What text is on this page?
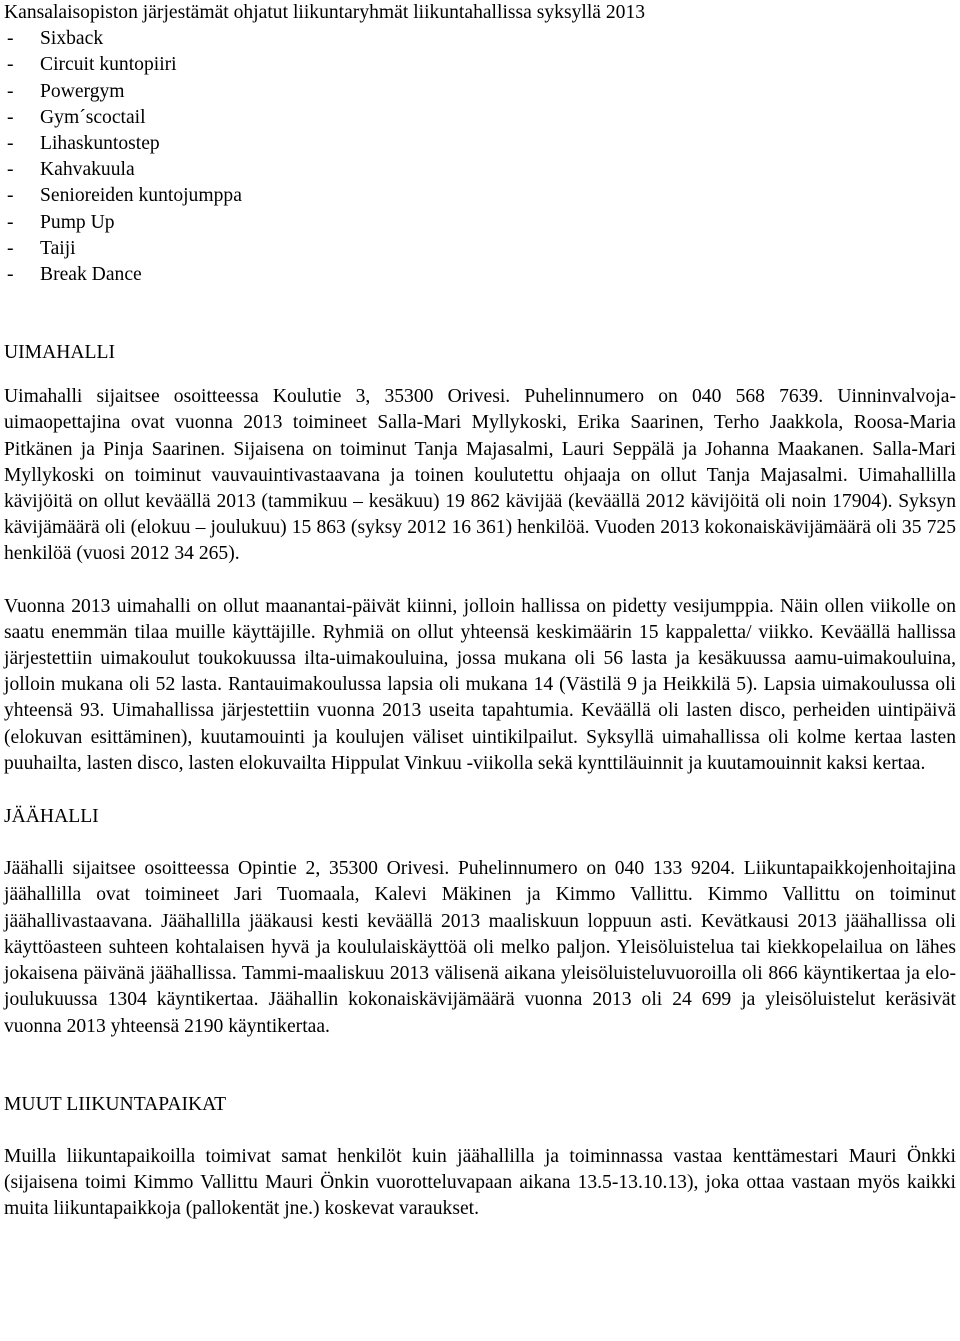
Kansalaisopiston järjestämät ohjatut liikuntaryhmät liikuntahallissa syksyllä 2013
- Sixback
- Circuit kuntopiiri
- Powergym
- Gym´scoctail
- Lihaskuntostep
- Kahvakuula
- Senioreiden kuntojumppa
- Pump Up
- Taiji
- Break Dance
UIMAHALLI

Uimahalli sijaitsee osoitteessa Koulutie 3, 35300 Orivesi. Puhelinnumero on 040 568 7639. Uinninvalvoja-uimaopettajina ovat vuonna 2013 toimineet Salla-Mari Myllykoski, Erika Saarinen, Terho Jaakkola, Roosa-Maria Pitkänen ja Pinja Saarinen. Sijaisena on toiminut Tanja Majasalmi, Lauri Seppälä ja Johanna Maakanen. Salla-Mari Myllykoski on toiminut vauvauintivastaavana ja toinen koulutettu ohjaaja on ollut Tanja Majasalmi. Uimahallilla kävijöitä on ollut keväällä 2013 (tammikuu – kesäkuu) 19 862 kävijää (keväällä 2012 kävijöitä oli noin 17904). Syksyn kävijämäärä oli (elokuu – joulukuu) 15 863 (syksy 2012 16 361) henkilöä. Vuoden 2013 kokonaiskävijämäärä oli 35 725 henkilöä (vuosi 2012 34 265).

Vuonna 2013 uimahalli on ollut maanantai-päivät kiinni, jolloin hallissa on pidetty vesijumppia. Näin ollen viikolle on saatu enemmän tilaa muille käyttäjille. Ryhmiä on ollut yhteensä keskimäärin 15 kappaletta/ viikko. Keväällä hallissa järjestettiin uimakoulut toukokuussa ilta-uimakouluina, jossa mukana oli 56 lasta ja kesäkuussa aamu-uimakouluina, jolloin mukana oli 52 lasta. Rantauimakoulussa lapsia oli mukana 14 (Västilä 9 ja Heikkilä 5). Lapsia uimakoulussa oli yhteensä 93. Uimahallissa järjestettiin vuonna 2013 useita tapahtumia. Keväällä oli lasten disco, perheiden uintipäivä (elokuvan esittäminen), kuutamouinti ja koulujen väliset uintikilpailut. Syksyllä uimahallissa oli kolme kertaa lasten puuhailta, lasten disco, lasten elokuvailta Hippulat Vinkuu -viikolla sekä kynttiläuinnit ja kuutamouinnit kaksi kertaa.

JÄÄHALLI

Jäähalli sijaitsee osoitteessa Opintie 2, 35300 Orivesi. Puhelinnumero on 040 133 9204. Liikuntapaikkojenhoitajina jäähallilla ovat toimineet Jari Tuomaala, Kalevi Mäkinen ja Kimmo Vallittu. Kimmo Vallittu on toiminut jäähallivastaavana. Jäähallilla jääkausi kesti keväällä 2013 maaliskuun loppuun asti. Kevätkausi 2013 jäähallissa oli käyttöasteen suhteen kohtalaisen hyvä ja koululaiskäyttöä oli melko paljon. Yleisöluistelua tai kiekkopelailua on lähes jokaisena päivänä jäähallissa. Tammi-maaliskuu 2013 välisenä aikana yleisöluisteluvuoroilla oli 866 käyntikertaa ja elo-joulukuussa 1304 käyntikertaa. Jäähallin kokonaiskävijämäärä vuonna 2013 oli 24 699 ja yleisöluistelut keräsivät vuonna 2013 yhteensä 2190 käyntikertaa.

MUUT LIIKUNTAPAIKAT

Muilla liikuntapaikoilla toimivat samat henkilöt kuin jäähallilla ja toiminnassa vastaa kenttämestari Mauri Önkki (sijaisena toimi Kimmo Vallittu Mauri Önkin vuorotteluvapaan aikana 13.5-13.10.13), joka ottaa vastaan myös kaikki muita liikuntapaikkoja (pallokentät jne.) koskevat varaukset.
